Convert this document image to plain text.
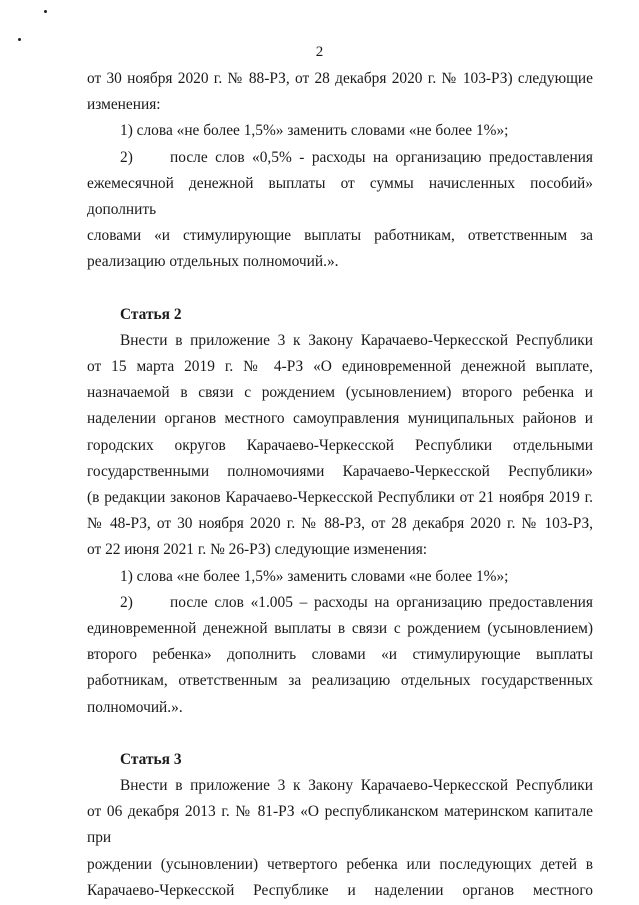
2
от 30 ноября 2020 г. № 88-РЗ, от 28 декабря 2020 г. № 103-РЗ) следующие
изменения:
1) слова «не более 1,5%» заменить словами «не более 1%»;
2) после слов «0,5% - расходы на организацию предоставления
ежемесячной денежной выплаты от суммы начисленных пособий» дополнить
словами «и стимулирующие выплаты работникам, ответственным за
реализацию отдельных полномочий.».
Статья 2
Внести в приложение 3 к Закону Карачаево-Черкесской Республики
от 15 марта 2019 г. № 4-РЗ «О единовременной денежной выплате,
назначаемой в связи с рождением (усыновлением) второго ребенка и
наделении органов местного самоуправления муниципальных районов и
городских округов Карачаево-Черкесской Республики отдельными
государственными полномочиями Карачаево-Черкесской Республики»
(в редакции законов Карачаево-Черкесской Республики от 21 ноября 2019 г.
№ 48-РЗ, от 30 ноября 2020 г. № 88-РЗ, от 28 декабря 2020 г. № 103-РЗ,
от 22 июня 2021 г. № 26-РЗ) следующие изменения:
1) слова «не более 1,5%» заменить словами «не более 1%»;
2) после слов «1.005 – расходы на организацию предоставления
единовременной денежной выплаты в связи с рождением (усыновлением)
второго ребенка» дополнить словами «и стимулирующие выплаты
работникам, ответственным за реализацию отдельных государственных
полномочий.».
Статья 3
Внести в приложение 3 к Закону Карачаево-Черкесской Республики
от 06 декабря 2013 г. № 81-РЗ «О республиканском материнском капитале при
рождении (усыновлении) четвертого ребенка или последующих детей в
Карачаево-Черкесской Республике и наделении органов местного
